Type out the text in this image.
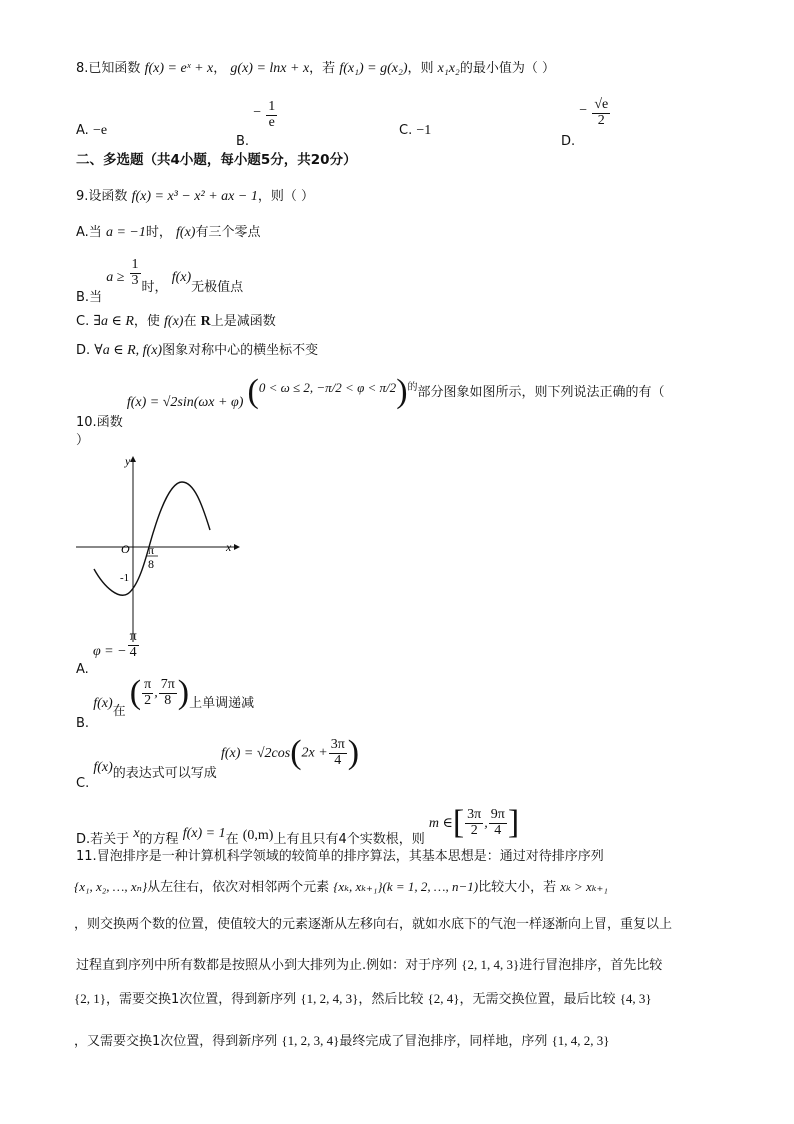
8.已知函数 f(x) = eˣ + x， g(x) = lnx + x，若 f(x₁) = g(x₂)，则 x₁x₂的最小值为（ ）
A. −e
B. − $\frac{1}{e}$
C. −1
D. − $\frac{√e}{2}$
二、多选题（共4小题，每小题5分，共20分）
9.设函数 f(x) = x³ − x² + ax − 1，则（ ）
A.当 a = −1时， f(x)有三个零点
B.当 $a \ge \frac{1}{3}$ 时， f(x)无极值点
C. ∃a ∈ R，使 f(x)在 R上是减函数
D. ∀a ∈ R, f(x)图象对称中心的横坐标不变
10.函数 f(x) = √2sin(ωx + φ) (0 < ω ≤ 2, −π/2 < φ < π/2)$^的$部分图象如图所示，则下列说法正确的有（
）
y
x
O
-1
π
8
A. φ = − $\frac{\pi}{4}$
B. f(x)在 ( $\frac{\pi}{2}$ , $\frac{7\pi}{8}$ )上单调递减
C. f(x)的表达式可以写成 $f(x) = √2\cos(2x + \frac{3\pi}{4}$ )
D.若关于 x的方程 f(x) = 1在 (0,m)上有且只有4个实数根，则 m ∈[ $\frac{3\pi}{2}$ , $\frac{9\pi}{4}$ ]
11.冒泡排序是一种计算机科学领域的较简单的排序算法，其基本思想是：通过对待排序序列
{x₁, x₂, …, xₙ}从左往右，依次对相邻两个元素 {xₖ, xₖ₊₁}(k = 1, 2, …, n−1)比较大小，若 xₖ > xₖ₊₁
，则交换两个数的位置，使值较大的元素逐渐从左移向右，就如水底下的气泡一样逐渐向上冒，重复以上
过程直到序列中所有数都是按照从小到大排列为止.例如：对于序列 {2, 1, 4, 3}进行冒泡排序，首先比较
{2, 1}，需要交换1次位置，得到新序列 {1, 2, 4, 3}，然后比较 {2, 4}，无需交换位置，最后比较 {4, 3}
，又需要交换1次位置，得到新序列 {1, 2, 3, 4}最终完成了冒泡排序，同样地，序列 {1, 4, 2, 3}
